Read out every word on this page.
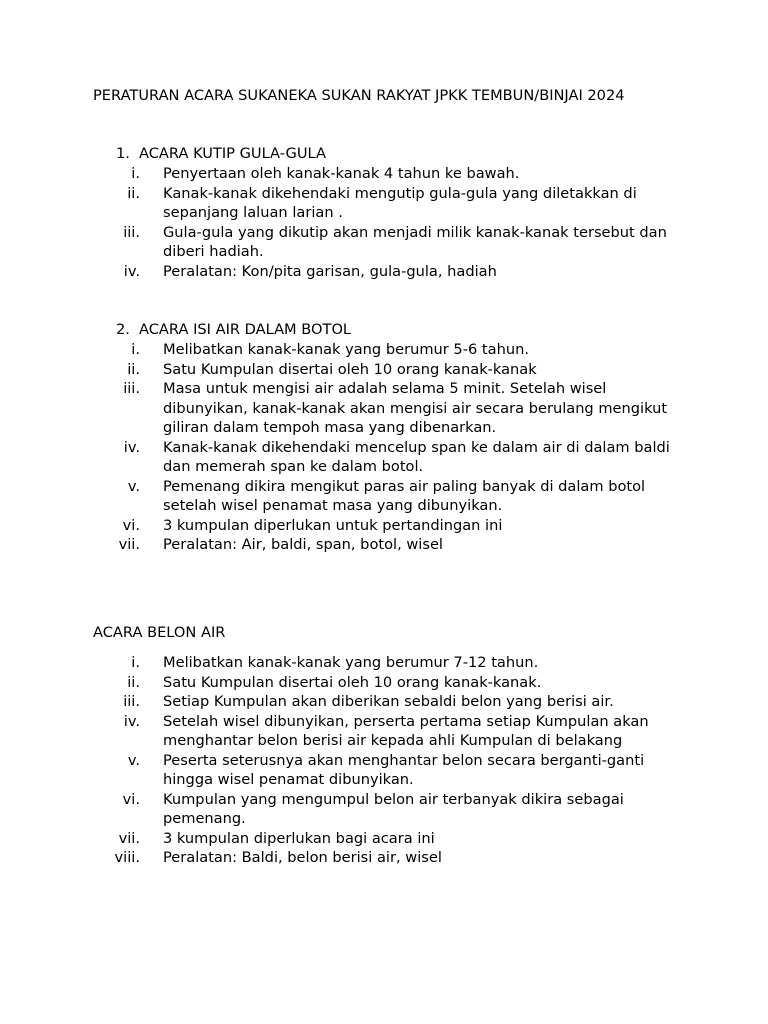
PERATURAN ACARA SUKANEKA SUKAN RAKYAT JPKK TEMBUN/BINJAI 2024
1. ACARA KUTIP GULA-GULA
i. Penyertaan oleh kanak-kanak 4 tahun ke bawah.
ii. Kanak-kanak dikehendaki mengutip gula-gula yang diletakkan di sepanjang laluan larian .
iii. Gula-gula yang dikutip akan menjadi milik kanak-kanak tersebut dan diberi hadiah.
iv. Peralatan: Kon/pita garisan, gula-gula, hadiah
2. ACARA ISI AIR DALAM BOTOL
i. Melibatkan kanak-kanak yang berumur 5-6 tahun.
ii. Satu Kumpulan disertai oleh 10 orang kanak-kanak
iii. Masa untuk mengisi air adalah selama 5 minit. Setelah wisel dibunyikan, kanak-kanak akan mengisi air secara berulang mengikut giliran dalam tempoh masa yang dibenarkan.
iv. Kanak-kanak dikehendaki mencelup span ke dalam air di dalam baldi dan memerah span ke dalam botol.
v. Pemenang dikira mengikut paras air paling banyak di dalam botol setelah wisel penamat masa yang dibunyikan.
vi. 3 kumpulan diperlukan untuk pertandingan ini
vii. Peralatan: Air, baldi, span, botol, wisel
ACARA BELON AIR
i. Melibatkan kanak-kanak yang berumur 7-12 tahun.
ii. Satu Kumpulan disertai oleh 10 orang kanak-kanak.
iii. Setiap Kumpulan akan diberikan sebaldi belon yang berisi air.
iv. Setelah wisel dibunyikan, perserta pertama setiap Kumpulan akan menghantar belon berisi air kepada ahli Kumpulan di belakang
v. Peserta seterusnya akan menghantar belon secara berganti-ganti hingga wisel penamat dibunyikan.
vi. Kumpulan yang mengumpul belon air terbanyak dikira sebagai pemenang.
vii. 3 kumpulan diperlukan bagi acara ini
viii. Peralatan: Baldi, belon berisi air, wisel
